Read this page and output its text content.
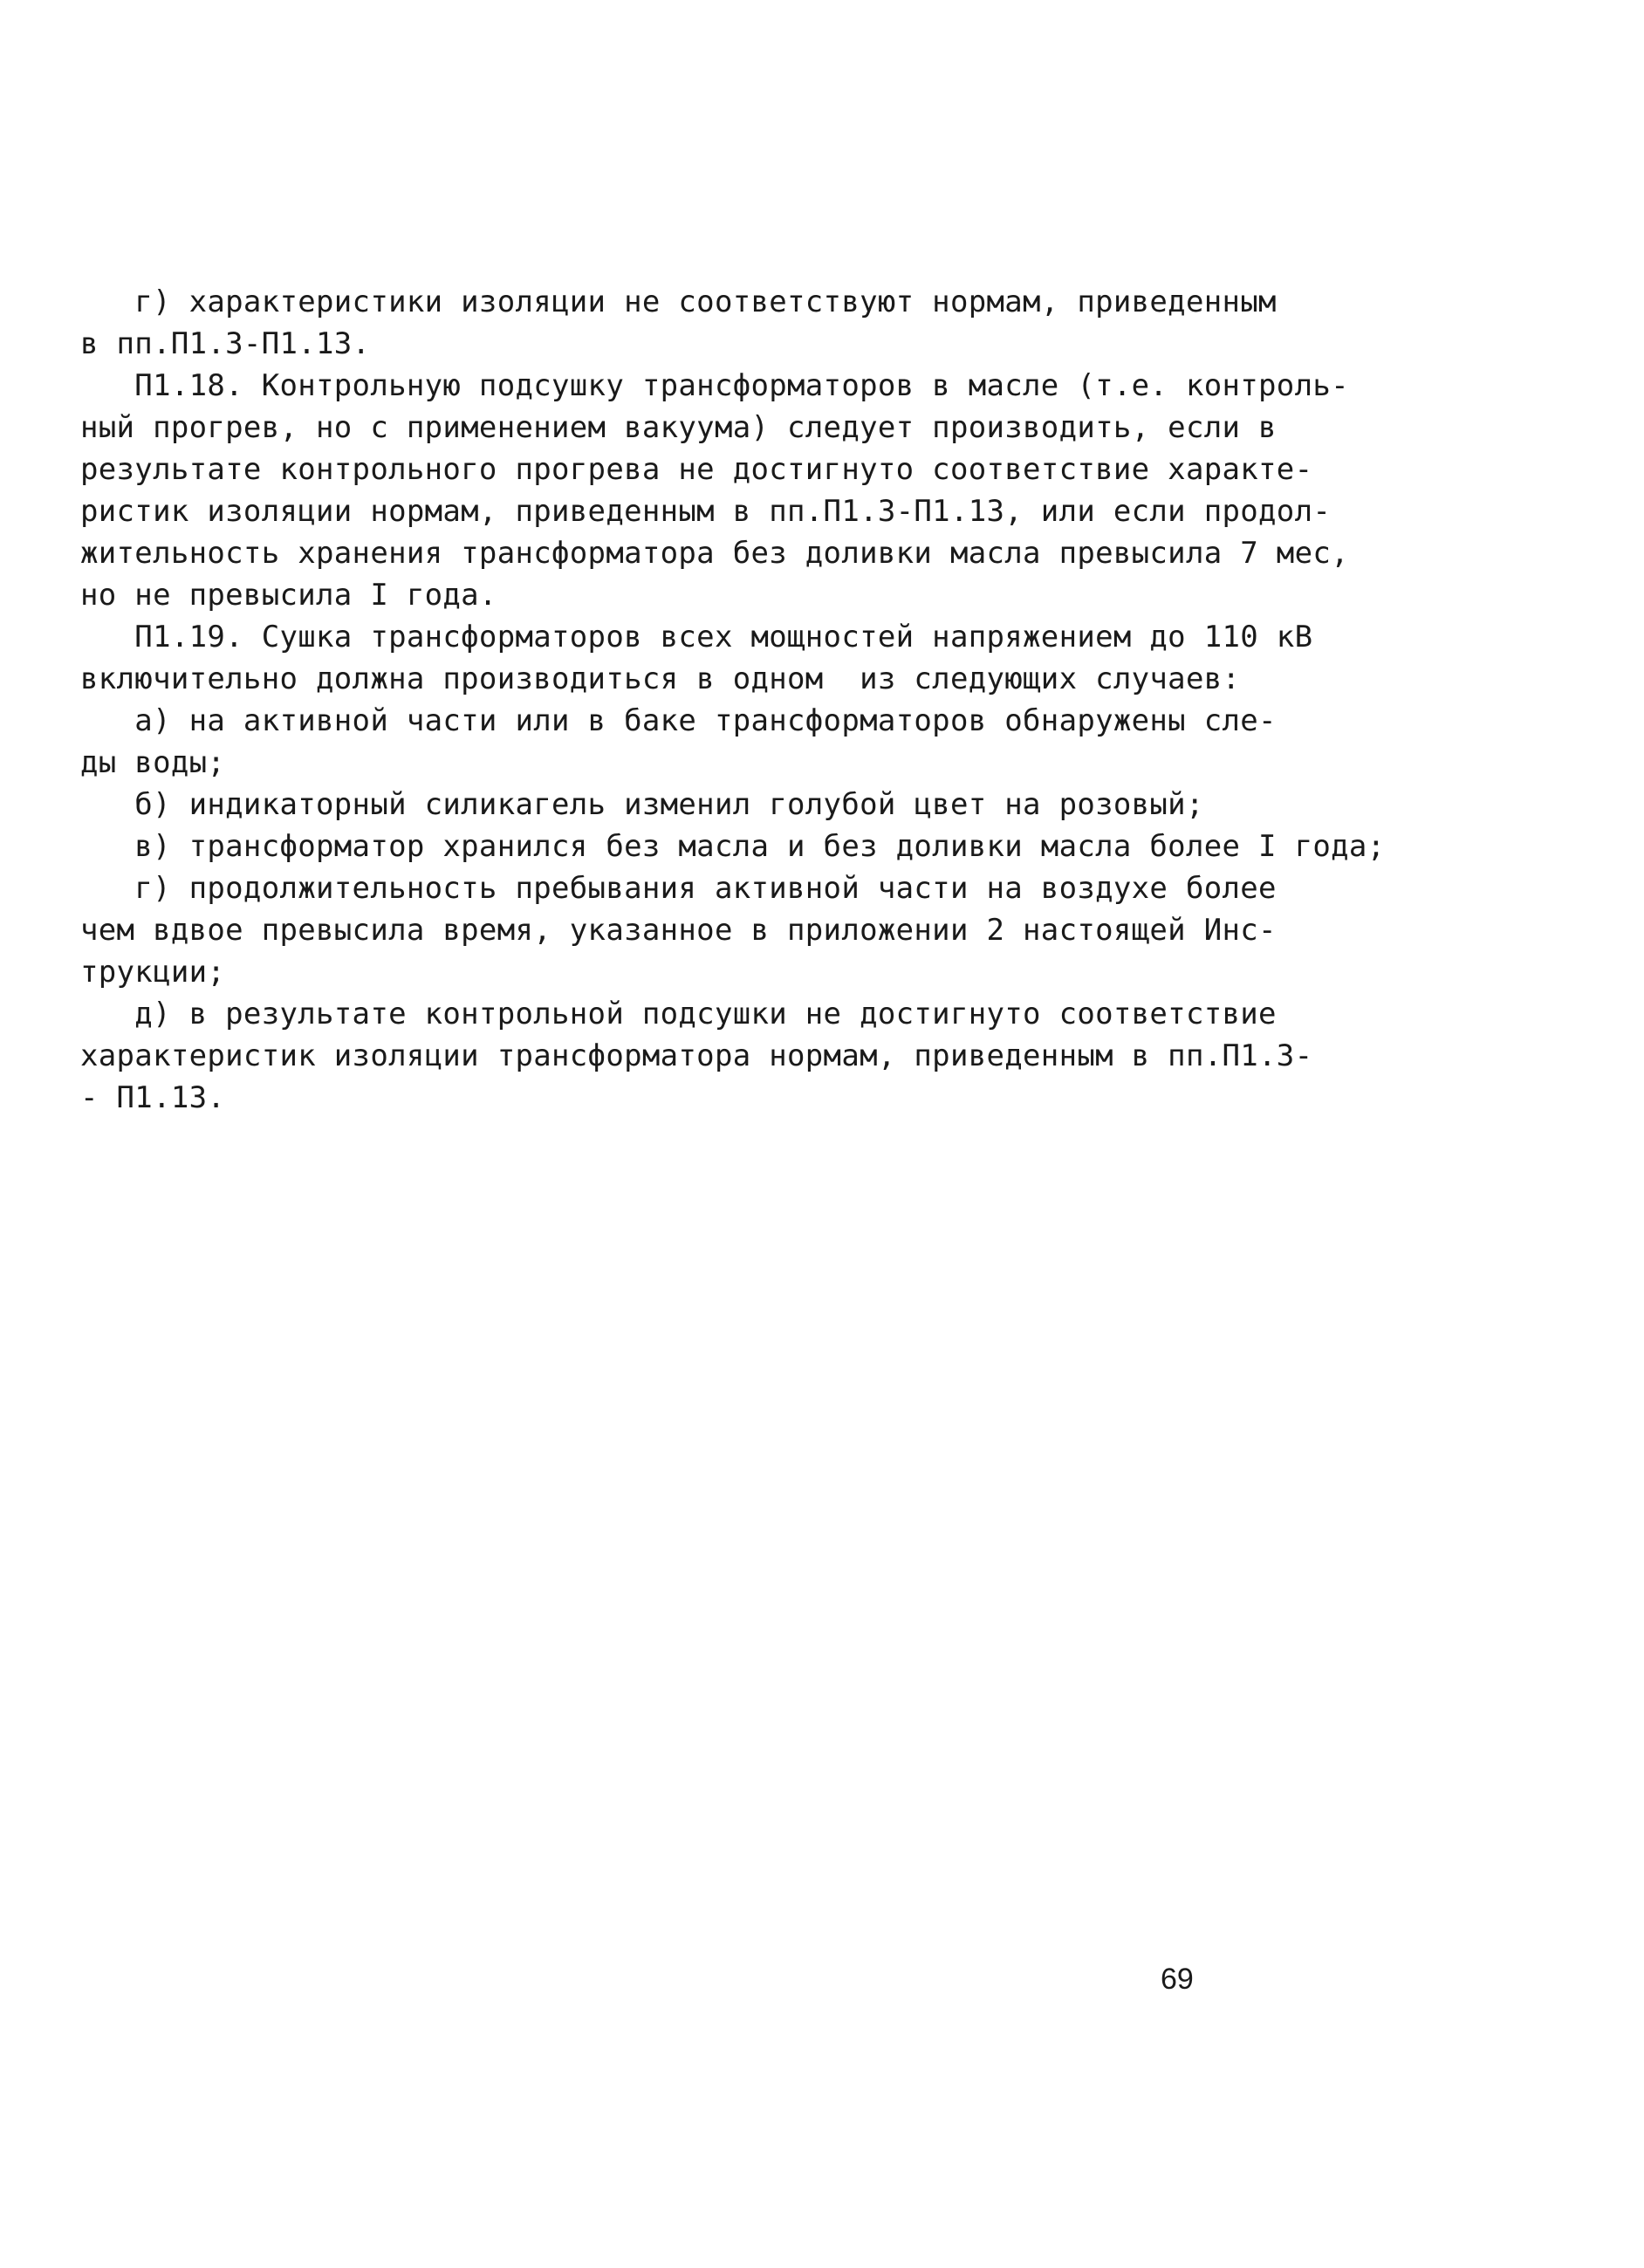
г) характеристики изоляции не соответствуют нормам, приведенным
в пп.П1.3-П1.13.
П1.18. Контрольную подсушку трансформаторов в масле (т.е. контроль-
ный прогрев, но с применением вакуума) следует производить, если в
результате контрольного прогрева не достигнуто соответствие характе-
ристик изоляции нормам, приведенным в пп.П1.3-П1.13, или если продол-
жительность хранения трансформатора без доливки масла превысила 7 мес,
но не превысила I года.
П1.19. Сушка трансформаторов всех мощностей напряжением до 110 кВ
включительно должна производиться в одном  из следующих случаев:
а) на активной части или в баке трансформаторов обнаружены сле-
ды воды;
б) индикаторный силикагель изменил голубой цвет на розовый;
в) трансформатор хранился без масла и без доливки масла более I года;
г) продолжительность пребывания активной части на воздухе более
чем вдвое превысила время, указанное в приложении 2 настоящей Инс-
трукции;
д) в результате контрольной подсушки не достигнуто соответствие
характеристик изоляции трансформатора нормам, приведенным в пп.П1.3-
- П1.13.
69
